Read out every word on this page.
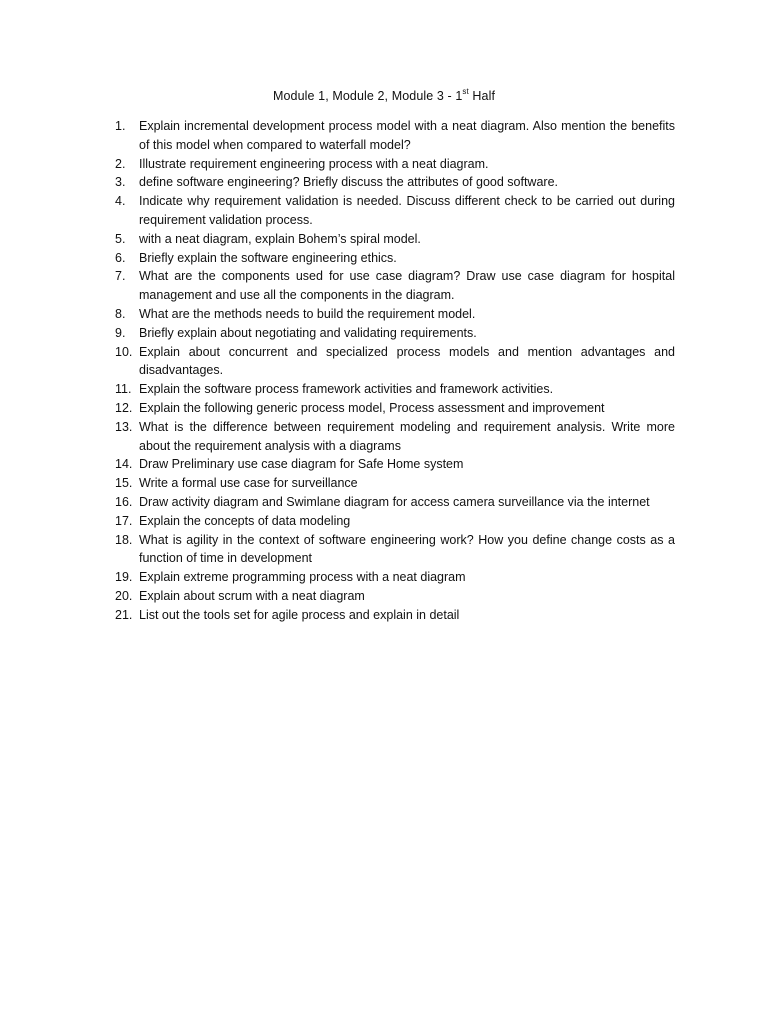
Module 1, Module 2, Module 3 - 1st Half
1.	Explain incremental development process model with a neat diagram. Also mention the benefits of this model when compared to waterfall model?
2.	Illustrate requirement engineering process with a neat diagram.
3.	define software engineering? Briefly discuss the attributes of good software.
4.	Indicate why requirement validation is needed. Discuss different check to be carried out during requirement validation process.
5.	with a neat diagram, explain Bohem’s spiral model.
6.	Briefly explain the software engineering ethics.
7.	What are the components used for use case diagram? Draw use case diagram for hospital management and use all the components in the diagram.
8.	What are the methods needs to build the requirement model.
9.	Briefly explain about negotiating and validating requirements.
10. Explain about concurrent and specialized process models and mention advantages and disadvantages.
11. Explain the software process framework activities and framework activities.
12. Explain the following generic process model, Process assessment and improvement
13. What is the difference between requirement modeling and requirement analysis. Write more about the requirement analysis with a diagrams
14. Draw Preliminary use case diagram for Safe Home system
15. Write a formal use case for surveillance
16. Draw activity diagram and Swimlane diagram for access camera surveillance via the internet
17. Explain the concepts of data modeling
18. What is agility in the context of software engineering work? How you define change costs as a function of time in development
19. Explain extreme programming process with a neat diagram
20. Explain about scrum with a neat diagram
21. List out the tools set for agile process and explain in detail
